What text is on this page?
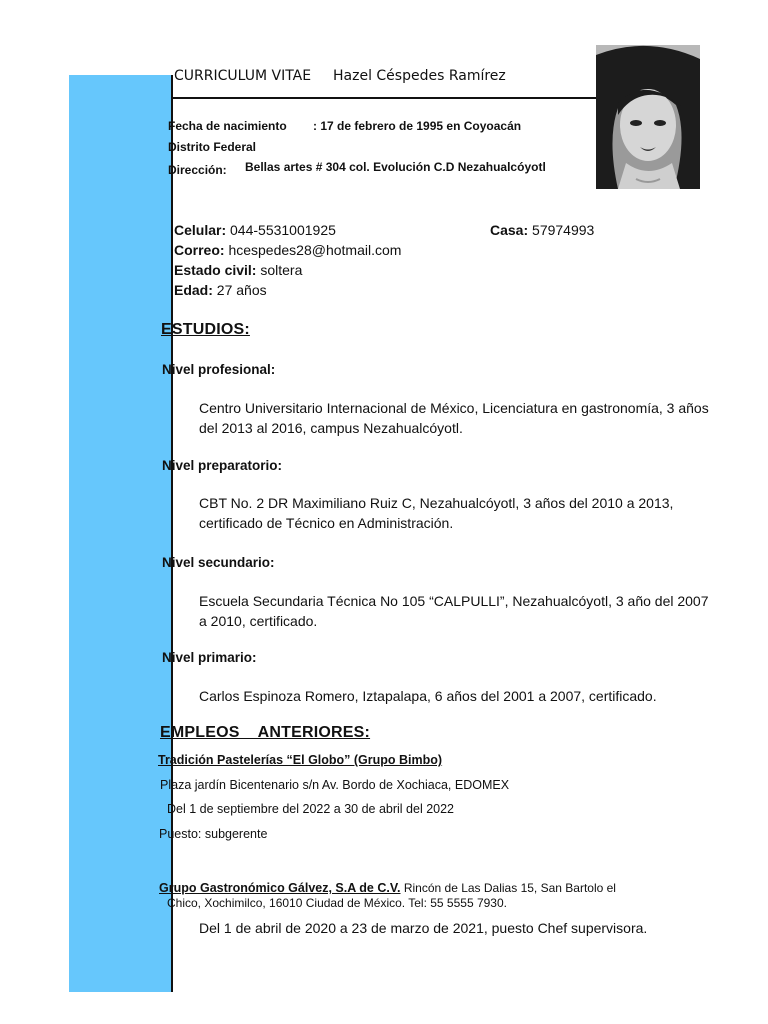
CURRICULUM VITAE Hazel Céspedes Ramírez
Fecha de nacimiento : 17 de febrero de 1995 en Coyoacán
Distrito Federal
Dirección: Bellas artes # 304 col. Evolución C.D Nezahualcóyotl
Celular: 044-5531001925	Casa: 57974993
Correo: hcespedes28@hotmail.com
Estado civil: soltera
Edad: 27 años
ESTUDIOS:
Nivel profesional:
Centro Universitario Internacional de México, Licenciatura en gastronomía, 3 años del 2013 al 2016, campus Nezahualcóyotl.
Nivel preparatorio:
CBT No. 2 DR Maximiliano Ruiz C, Nezahualcóyotl, 3 años del 2010 a 2013, certificado de Técnico en Administración.
Nivel secundario:
Escuela Secundaria Técnica No 105 “CALPULLI”, Nezahualcóyotl, 3 año del 2007 a 2010, certificado.
Nivel primario:
Carlos Espinoza Romero, Iztapalapa, 6 años del 2001 a 2007, certificado.
EMPLEOS    ANTERIORES:
Tradición Pastelerías “El Globo” (Grupo Bimbo)
Plaza jardín Bicentenario s/n Av. Bordo de Xochiaca, EDOMEX
Del 1 de septiembre del 2022 a 30 de abril del 2022
Puesto: subgerente
Grupo Gastronómico Gálvez, S.A de C.V. Rincón de Las Dalias 15, San Bartolo el
Chico, Xochimilco, 16010 Ciudad de México. Tel: 55 5555 7930.
Del 1 de abril de 2020 a 23 de marzo de 2021, puesto Chef supervisora.
